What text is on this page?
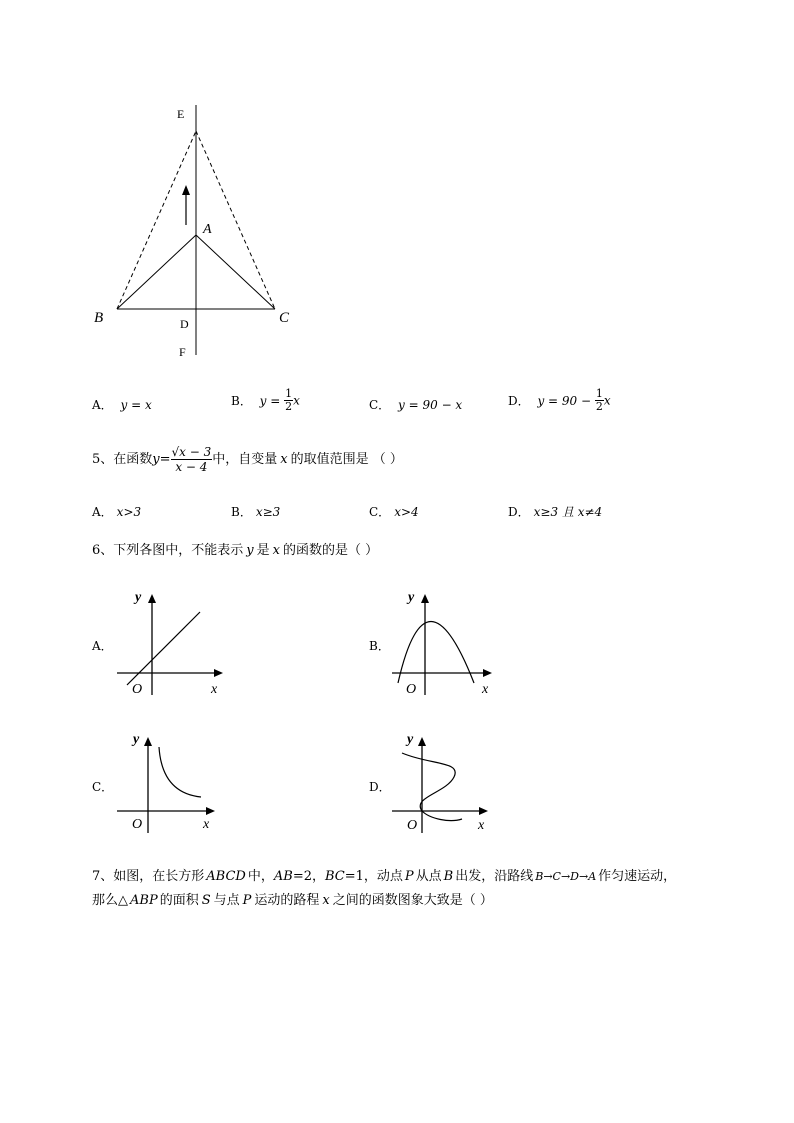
E
A
B	C
D
F
A． y = x	B． $y = \frac{1}{2}$ x	C． y = 90 − x	D． $y = 90 - \frac{1}{2}$ x
5、在函数$y= \frac{√x - 3}{x - 4}$ 中，自变量 x 的取值范围是 （ ）
A． x>3	B． x≥3	C． x>4	D． x≥3 且 x≠4
6、下列各图中，不能表示 y 是 x 的函数的是（ ）
A．
y
x
O
B．
y
x
O
C．
y
x
O
D．
y
x
O
7、如图，在长方形 ABCD 中，AB=2，BC=1，动点 P 从点 B 出发，沿路线 B→C→D→A 作匀速运动，
那么△ ABP 的面积 S 与点 P 运动的路程 x 之间的函数图象大致是（ ）
